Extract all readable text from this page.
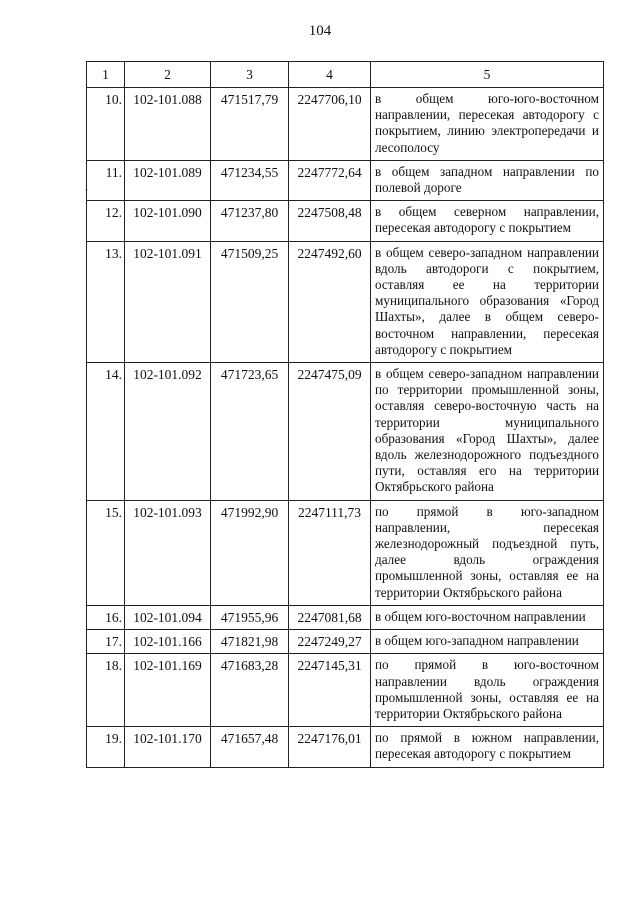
104
-
1	2	3	4	5
10.	102-101.088	471517,79	2247706,10	в общем юго-юго-восточном направлении, пересекая автодорогу с покрытием, линию электропередачи и лесополосу
11.	102-101.089	471234,55	2247772,64	в общем западном направлении по полевой дороге
12.	102-101.090	471237,80	2247508,48	в общем северном направлении, пересекая автодорогу с покрытием
13.	102-101.091	471509,25	2247492,60	в общем северо-западном направлении вдоль автодороги с покрытием, оставляя ее на территории муниципального образования «Город Шахты», далее в общем северо-восточном направлении, пересекая автодорогу с покрытием
14.	102-101.092	471723,65	2247475,09	в общем северо-западном направлении по территории промышленной зоны, оставляя северо-восточную часть на территории муниципального образования «Город Шахты», далее вдоль железнодорожного подъездного пути, оставляя его на территории Октябрьского района
15.	102-101.093	471992,90	2247111,73	по прямой в юго-западном направлении, пересекая железнодорожный подъездной путь, далее вдоль ограждения промышленной зоны, оставляя ее на территории Октябрьского района
16.	102-101.094	471955,96	2247081,68	в общем юго-восточном направлении
17.	102-101.166	471821,98	2247249,27	в общем юго-западном направлении
18.	102-101.169	471683,28	2247145,31	по прямой в юго-восточном направлении вдоль ограждения промышленной зоны, оставляя ее на территории Октябрьского района
19.	102-101.170	471657,48	2247176,01	по прямой в южном направлении, пересекая автодорогу с покрытием
